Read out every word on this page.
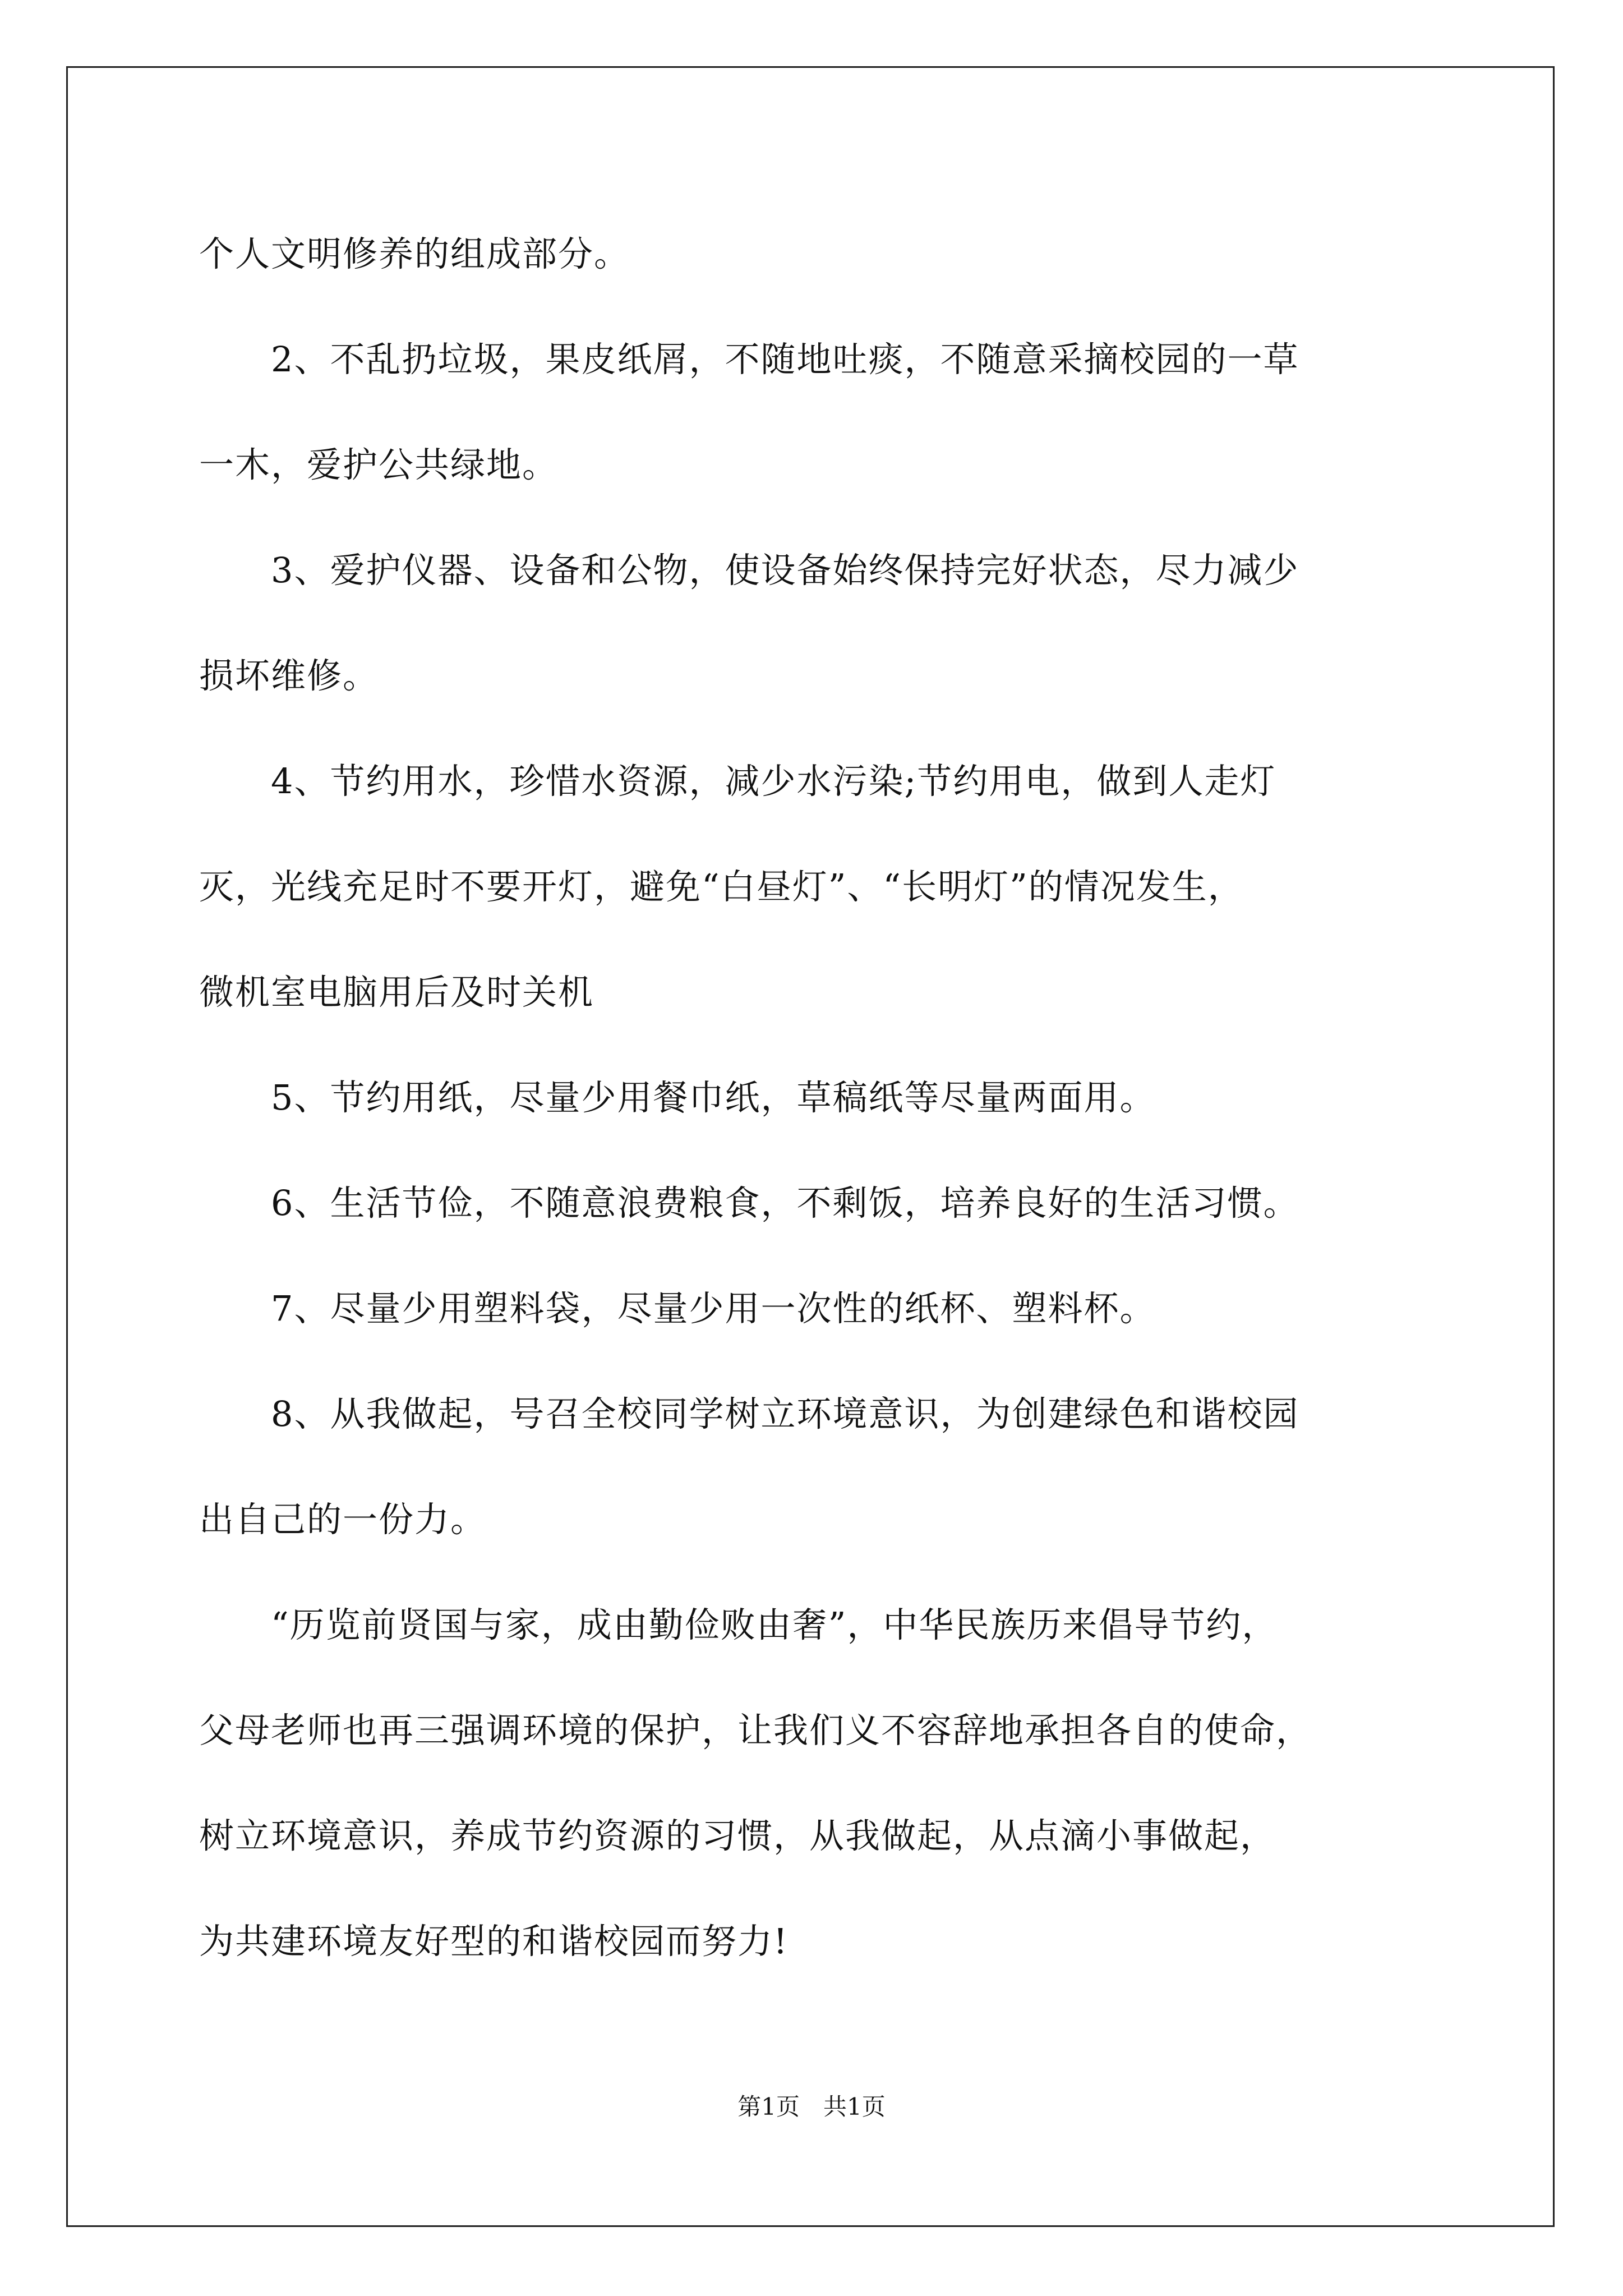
个人文明修养的组成部分。
　　2、不乱扔垃圾，果皮纸屑，不随地吐痰，不随意采摘校园的一草
一木，爱护公共绿地。
　　3、爱护仪器、设备和公物，使设备始终保持完好状态，尽力减少
损坏维修。
　　4、节约用水，珍惜水资源，减少水污染;节约用电，做到人走灯
灭，光线充足时不要开灯，避免“白昼灯”、“长明灯”的情况发生，
微机室电脑用后及时关机
　　5、节约用纸，尽量少用餐巾纸，草稿纸等尽量两面用。
　　6、生活节俭，不随意浪费粮食，不剩饭，培养良好的生活习惯。
　　7、尽量少用塑料袋，尽量少用一次性的纸杯、塑料杯。
　　8、从我做起，号召全校同学树立环境意识，为创建绿色和谐校园
出自己的一份力。
　　“历览前贤国与家，成由勤俭败由奢”，中华民族历来倡导节约，
父母老师也再三强调环境的保护，让我们义不容辞地承担各自的使命，
树立环境意识，养成节约资源的习惯，从我做起，从点滴小事做起，
为共建环境友好型的和谐校园而努力!
第1页　共1页
